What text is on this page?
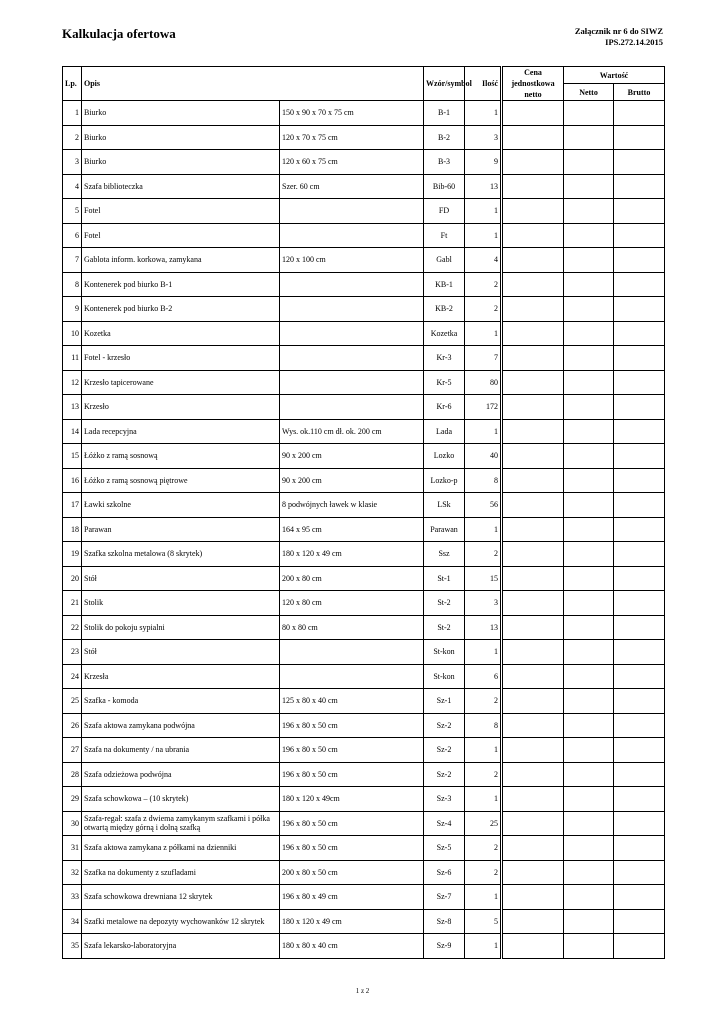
Kalkulacja ofertowa	Załącznik nr 6 do SIWZ
IPS.272.14.2015
Lp.	Opis		Wzór/symbol	Ilość	Cena
jednostkowa
netto	Wartość	
						Netto	Brutto
1	Biurko	150 x 90 x 70 x 75 cm	B-1	1			
2	Biurko	120 x 70 x 75 cm	B-2	3			
3	Biurko	120 x 60 x 75 cm	B-3	9			
4	Szafa biblioteczka	Szer. 60 cm	Bib-60	13			
5	Fotel		FD	1			
6	Fotel		Ft	1			
7	Gablota inform. korkowa, zamykana	120 x 100 cm	Gabl	4			
8	Kontenerek pod biurko B-1		KB-1	2			
9	Kontenerek pod biurko B-2		KB-2	2			
10	Kozetka		Kozetka	1			
11	Fotel - krzesło		Kr-3	7			
12	Krzesło tapicerowane		Kr-5	80			
13	Krzesło		Kr-6	172			
14	Lada recepcyjna	Wys. ok.110 cm dł. ok. 200 cm	Lada	1			
15	Łóżko z ramą sosnową	90 x 200 cm	Lozko	40			
16	Łóżko z ramą sosnową piętrowe	90 x 200 cm	Lozko-p	8			
17	Ławki szkolne	8 podwójnych ławek w klasie	LSk	56			
18	Parawan	164 x 95 cm	Parawan	1			
19	Szafka szkolna metalowa (8 skrytek)	180 x 120 x 49 cm	Ssz	2			
20	Stół	200 x 80 cm	St-1	15			
21	Stolik	120 x 80 cm	St-2	3			
22	Stolik do pokoju sypialni	80 x 80 cm	St-2	13			
23	Stół		St-kon	1			
24	Krzesła		St-kon	6			
25	Szafka - komoda	125 x 80 x 40 cm	Sz-1	2			
26	Szafa aktowa zamykana podwójna	196 x 80 x 50 cm	Sz-2	8			
27	Szafa na dokumenty / na ubrania	196 x 80 x 50 cm	Sz-2	1			
28	Szafa odzieżowa podwójna	196 x 80 x 50 cm	Sz-2	2			
29	Szafa schowkowa – (10 skrytek)	180 x 120 x 49cm	Sz-3	1			
30	Szafa-regał: szafa z dwiema zamykanym szafkami i półka otwartą między górną i dolną szafką	196 x 80 x 50 cm	Sz-4	25			
31	Szafa aktowa zamykana z półkami na dzienniki	196 x 80 x 50 cm	Sz-5	2			
32	Szafka na dokumenty z szufladami	200 x 80 x 50 cm	Sz-6	2			
33	Szafa schowkowa drewniana 12 skrytek	196 x 80 x 49 cm	Sz-7	1			
34	Szafki metalowe na depozyty wychowanków 12 skrytek	180 x 120 x 49 cm	Sz-8	5			
35	Szafa lekarsko-laboratoryjna	180 x 80 x 40 cm	Sz-9	1			
1 z 2
